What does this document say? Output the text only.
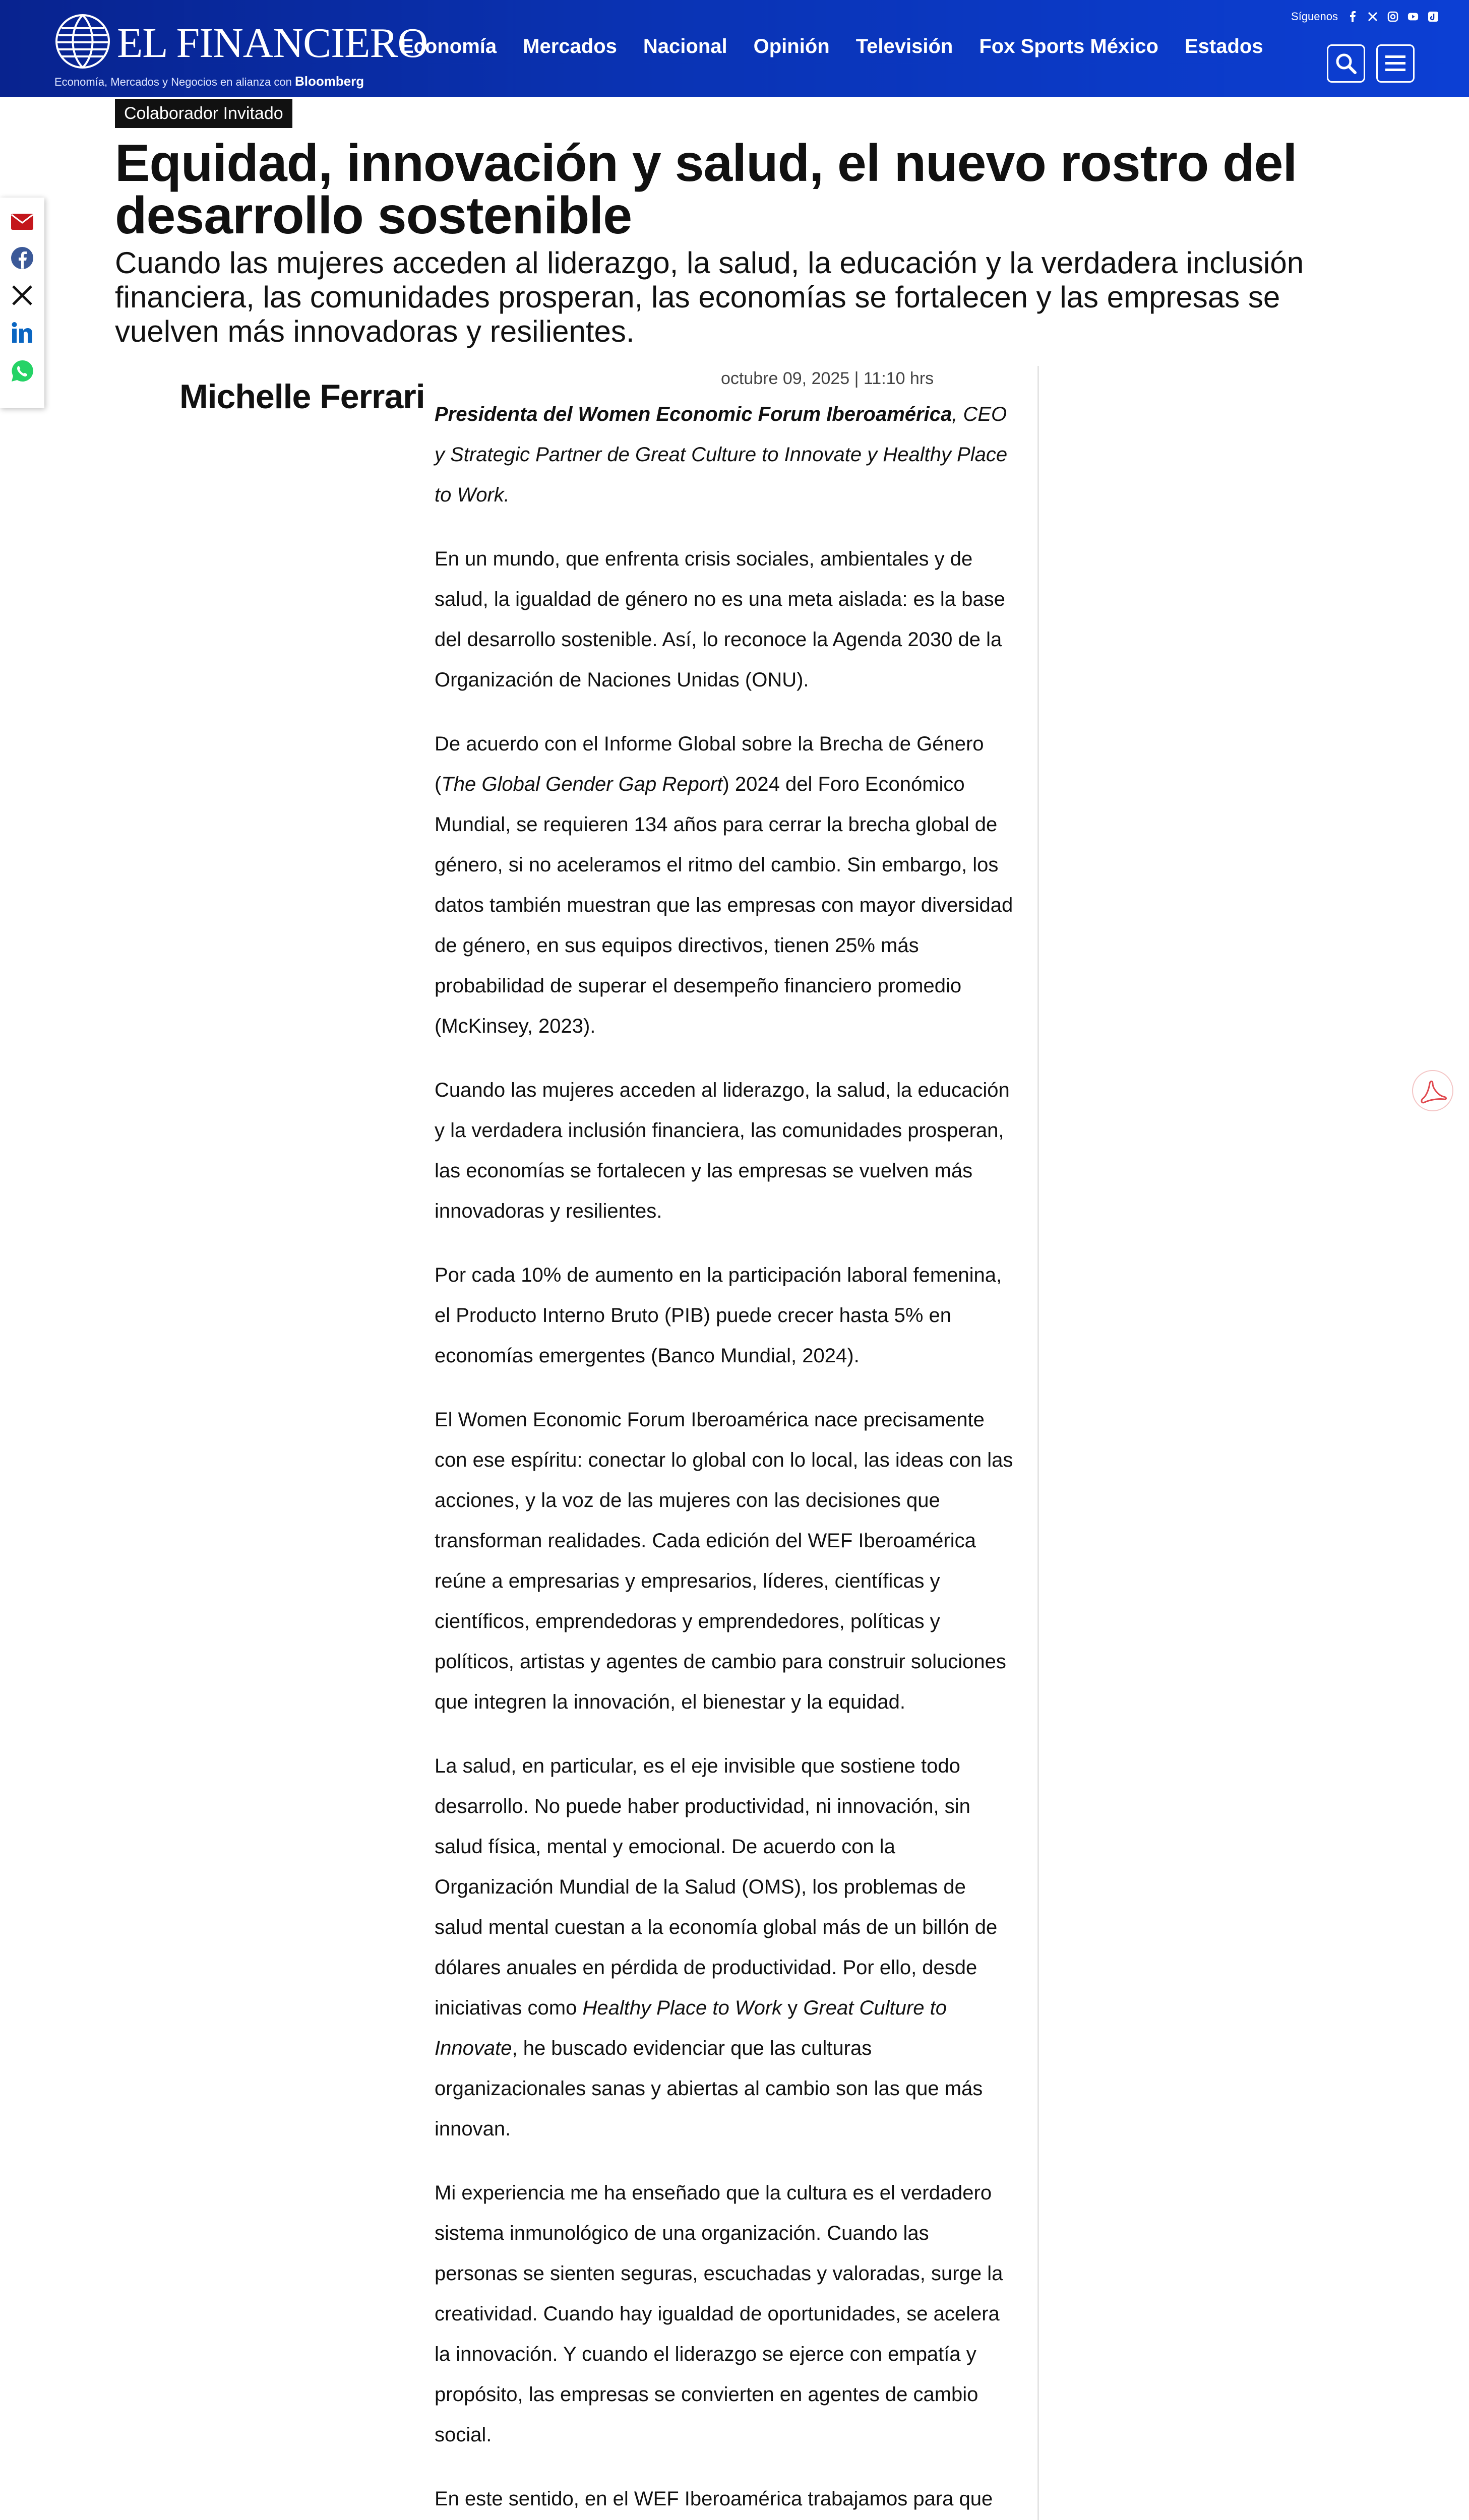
EL FINANCIERO
Economía, Mercados y Negocios en alianza con Bloomberg
Economía Mercados Nacional Opinión Televisión Fox Sports México Estados
Síguenos
Colaborador Invitado
Equidad, innovación y salud, el nuevo rostro del desarrollo sostenible

Cuando las mujeres acceden al liderazgo, la salud, la educación y la verdadera inclusión financiera, las comunidades prosperan, las economías se fortalecen y las empresas se vuelven más innovadoras y resilientes.

Michelle Ferrari	octubre 09, 2025 | 11:10 hrs

Presidenta del Women Economic Forum Iberoamérica, CEO y Strategic Partner de Great Culture to Innovate y Healthy Place to Work.

En un mundo, que enfrenta crisis sociales, ambientales y de salud, la igualdad de género no es una meta aislada: es la base del desarrollo sostenible. Así, lo reconoce la Agenda 2030 de la Organización de Naciones Unidas (ONU).

De acuerdo con el Informe Global sobre la Brecha de Género (The Global Gender Gap Report) 2024 del Foro Económico Mundial, se requieren 134 años para cerrar la brecha global de género, si no aceleramos el ritmo del cambio. Sin embargo, los datos también muestran que las empresas con mayor diversidad de género, en sus equipos directivos, tienen 25% más probabilidad de superar el desempeño financiero promedio (McKinsey, 2023).

Cuando las mujeres acceden al liderazgo, la salud, la educación y la verdadera inclusión financiera, las comunidades prosperan, las economías se fortalecen y las empresas se vuelven más innovadoras y resilientes.

Por cada 10% de aumento en la participación laboral femenina, el Producto Interno Bruto (PIB) puede crecer hasta 5% en economías emergentes (Banco Mundial, 2024).

El Women Economic Forum Iberoamérica nace precisamente con ese espíritu: conectar lo global con lo local, las ideas con las acciones, y la voz de las mujeres con las decisiones que transforman realidades. Cada edición del WEF Iberoamérica reúne a empresarias y empresarios, líderes, científicas y científicos, emprendedoras y emprendedores, políticas y políticos, artistas y agentes de cambio para construir soluciones que integren la innovación, el bienestar y la equidad.

La salud, en particular, es el eje invisible que sostiene todo desarrollo. No puede haber productividad, ni innovación, sin salud física, mental y emocional. De acuerdo con la Organización Mundial de la Salud (OMS), los problemas de salud mental cuestan a la economía global más de un billón de dólares anuales en pérdida de productividad. Por ello, desde iniciativas como Healthy Place to Work y Great Culture to Innovate, he buscado evidenciar que las culturas organizacionales sanas y abiertas al cambio son las que más innovan.

Mi experiencia me ha enseñado que la cultura es el verdadero sistema inmunológico de una organización. Cuando las personas se sienten seguras, escuchadas y valoradas, surge la creatividad. Cuando hay igualdad de oportunidades, se acelera la innovación. Y cuando el liderazgo se ejerce con empatía y propósito, las empresas se convierten en agentes de cambio social.

En este sentido, en el WEF Iberoamérica trabajamos para que
